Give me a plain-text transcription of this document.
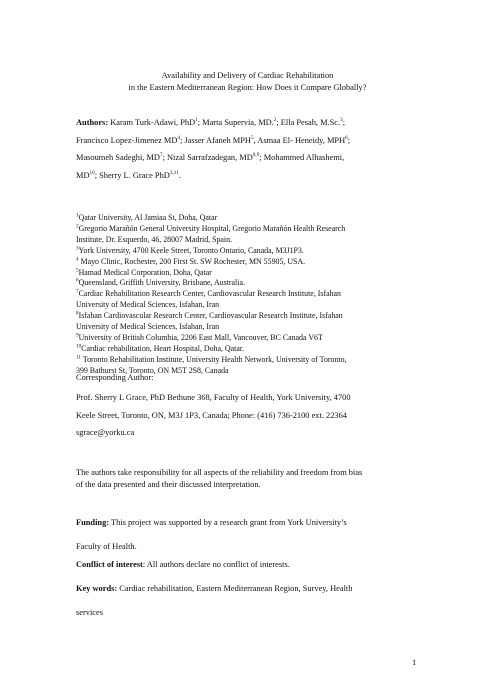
Availability and Delivery of Cardiac Rehabilitation
in the Eastern Mediterranean Region: How Does it Compare Globally?
Authors: Karam Turk-Adawi, PhD$^1$; Marta Supervia, MD.$^2$; Ella Pesah, M.Sc.$^3$;
Francisco Lopez-Jimenez $MD^4$; Jasser Afaneh MPH$^5$, Asmaa El- Heneidy, MPH$^6$;
Masoumeh Sadeghi, $MD^7$; Nizal Sarrafzadegan, MD$^{8,9}$; Mohammed Alhashemi,
MD$^{10}$; Sherry L. Grace PhD$^{3,11}$.
$^1$Qatar University, Al Jamiaa St, Doha, Qatar
$^2$Gregorio Marañón General University Hospital, Gregorio Marañón Health Research
Institute, Dr. Esquerdo, 46, 28007 Madrid, Spain.
$^3$York University, 4700 Keele Street, Toronto Ontario, Canada, M3J1P3.
$^4$ Mayo Clinic, Rochester, 200 First St. SW Rochester, MN 55905, USA.
$^5$Hamad Medical Corporation, Doha, Qatar
$^6$Queensland, Griffith University, Brisbane, Australia.
$^7$Cardiac Rehabilitation Research Center, Cardiovascular Research Institute, Isfahan
University of Medical Sciences, Isfahan, Iran
$^8$Isfahan Cardiovascular Research Center, Cardiovascular Research Institute, Isfahan
University of Medical Sciences, Isfahan, Iran
$^9$University of British Columbia, 2206 East Mall, Vancouver, BC Canada V6T
$^{10}$Cardiac rehabilitation, Heart Hospital, Doha, Qatar.
$^{11}$ Toronto Rehabilitation Institute, University Health Network, University of Toronto,
399 Bathurst St, Toronto, ON M5T 2S8, Canada
Corresponding Author:
Prof. Sherry L Grace, PhD Bethune 368, Faculty of Health, York University, 4700
Keele Street, Toronto, ON, M3J 1P3, Canada; Phone: (416) 736-2100 ext. 22364
sgrace@yorku.ca
The authors take responsibility for all aspects of the reliability and freedom from bias
of the data presented and their discussed interpretation.
Funding: This project was supported by a research grant from York University’s
Faculty of Health.
Conflict of interest: All authors declare no conflict of interests.
Key words: Cardiac rehabilitation, Eastern Mediterranean Region, Survey, Health
services
1
